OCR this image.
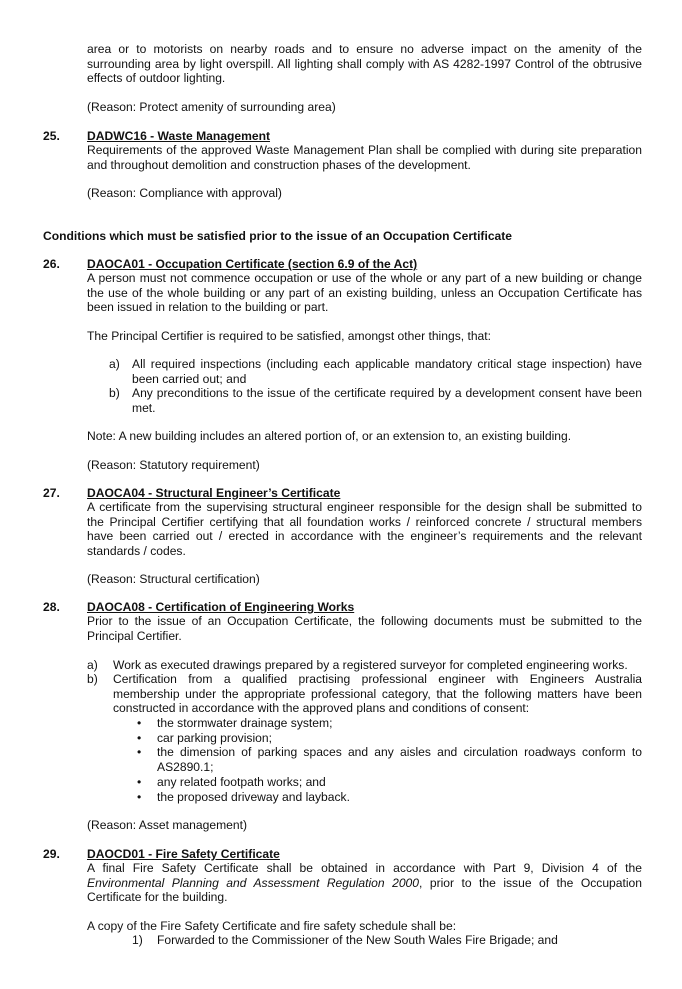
area or to motorists on nearby roads and to ensure no adverse impact on the amenity of the
surrounding area by light overspill. All lighting shall comply with AS 4282-1997 Control of the obtrusive
effects of outdoor lighting.
(Reason: Protect amenity of surrounding area)
25. DADWC16 - Waste Management
Requirements of the approved Waste Management Plan shall be complied with during site preparation
and throughout demolition and construction phases of the development.
(Reason: Compliance with approval)
Conditions which must be satisfied prior to the issue of an Occupation Certificate
26. DAOCA01 - Occupation Certificate (section 6.9 of the Act)
A person must not commence occupation or use of the whole or any part of a new building or change
the use of the whole building or any part of an existing building, unless an Occupation Certificate has
been issued in relation to the building or part.
The Principal Certifier is required to be satisfied, amongst other things, that:
a) All required inspections (including each applicable mandatory critical stage inspection) have
been carried out; and
b) Any preconditions to the issue of the certificate required by a development consent have been
met.
Note: A new building includes an altered portion of, or an extension to, an existing building.
(Reason: Statutory requirement)
27. DAOCA04 - Structural Engineer’s Certificate
A certificate from the supervising structural engineer responsible for the design shall be submitted to
the Principal Certifier certifying that all foundation works / reinforced concrete / structural members
have been carried out / erected in accordance with the engineer’s requirements and the relevant
standards / codes.
(Reason: Structural certification)
28. DAOCA08 - Certification of Engineering Works
Prior to the issue of an Occupation Certificate, the following documents must be submitted to the
Principal Certifier.
a) Work as executed drawings prepared by a registered surveyor for completed engineering works.
b) Certification from a qualified practising professional engineer with Engineers Australia
membership under the appropriate professional category, that the following matters have been
constructed in accordance with the approved plans and conditions of consent:
• the stormwater drainage system;
• car parking provision;
• the dimension of parking spaces and any aisles and circulation roadways conform to
AS2890.1;
• any related footpath works; and
• the proposed driveway and layback.
(Reason: Asset management)
29. DAOCD01 - Fire Safety Certificate
A final Fire Safety Certificate shall be obtained in accordance with Part 9, Division 4 of the
Environmental Planning and Assessment Regulation 2000, prior to the issue of the Occupation
Certificate for the building.
A copy of the Fire Safety Certificate and fire safety schedule shall be:
1) Forwarded to the Commissioner of the New South Wales Fire Brigade; and
